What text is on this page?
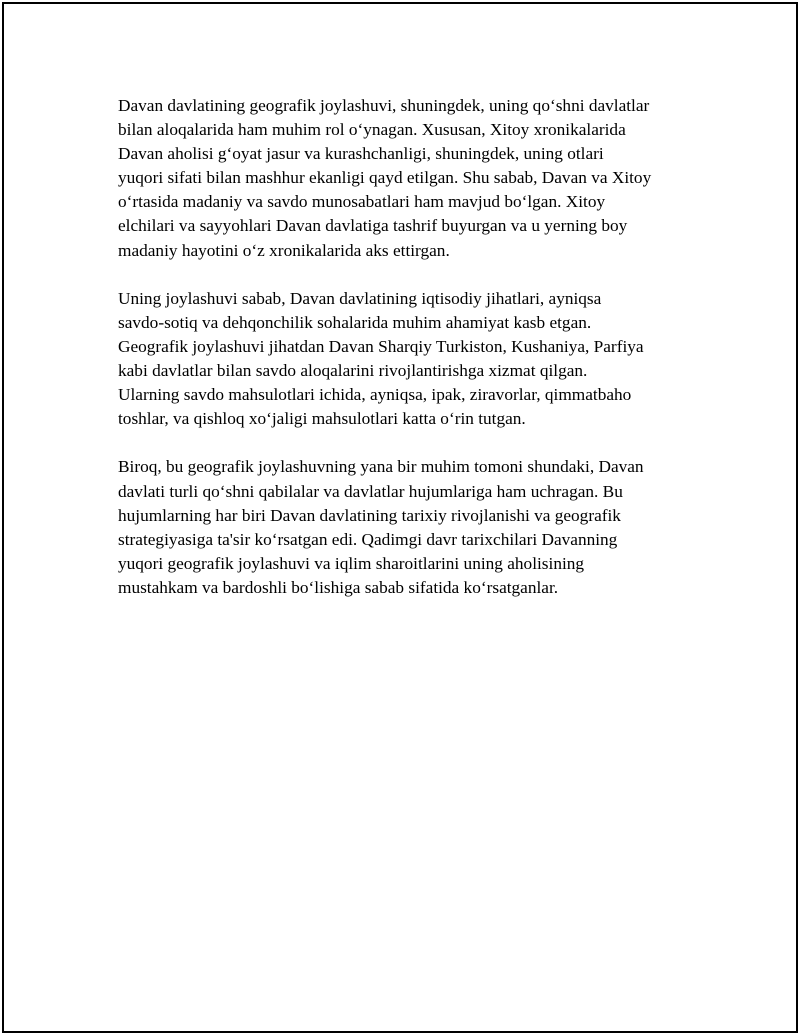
Davan davlatining geografik joylashuvi, shuningdek, uning qo‘shni davlatlar
bilan aloqalarida ham muhim rol o‘ynagan. Xususan, Xitoy xronikalarida
Davan aholisi g‘oyat jasur va kurashchanligi, shuningdek, uning otlari
yuqori sifati bilan mashhur ekanligi qayd etilgan. Shu sabab, Davan va Xitoy
o‘rtasida madaniy va savdo munosabatlari ham mavjud bo‘lgan. Xitoy
elchilari va sayyohlari Davan davlatiga tashrif buyurgan va u yerning boy
madaniy hayotini o‘z xronikalarida aks ettirgan.
Uning joylashuvi sabab, Davan davlatining iqtisodiy jihatlari, ayniqsa
savdo-sotiq va dehqonchilik sohalarida muhim ahamiyat kasb etgan.
Geografik joylashuvi jihatdan Davan Sharqiy Turkiston, Kushaniya, Parfiya
kabi davlatlar bilan savdo aloqalarini rivojlantirishga xizmat qilgan.
Ularning savdo mahsulotlari ichida, ayniqsa, ipak, ziravorlar, qimmatbaho
toshlar, va qishloq xo‘jaligi mahsulotlari katta o‘rin tutgan.
Biroq, bu geografik joylashuvning yana bir muhim tomoni shundaki, Davan
davlati turli qo‘shni qabilalar va davlatlar hujumlariga ham uchragan. Bu
hujumlarning har biri Davan davlatining tarixiy rivojlanishi va geografik
strategiyasiga ta'sir ko‘rsatgan edi. Qadimgi davr tarixchilari Davanning
yuqori geografik joylashuvi va iqlim sharoitlarini uning aholisining
mustahkam va bardoshli bo‘lishiga sabab sifatida ko‘rsatganlar.
